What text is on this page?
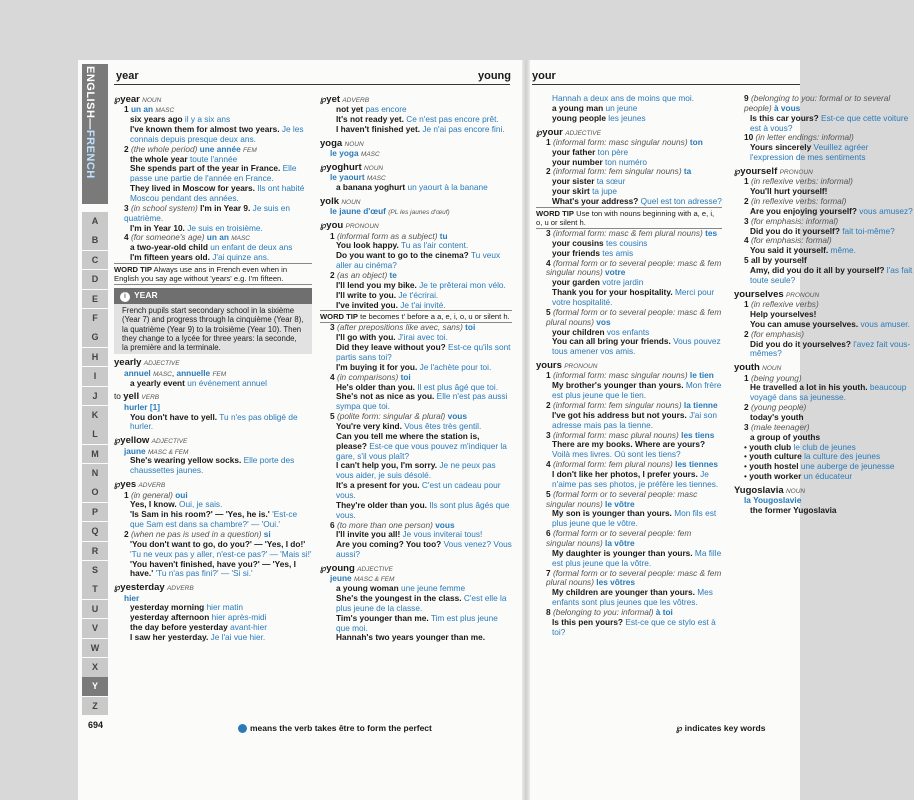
ENGLISH—FRENCH
A
B
C
D
E
F
G
H
I
J
K
L
M
N
O
P
Q
R
S
T
U
V
W
X
Y
Z
year	young your

℘year NOUN

1 un an MASC

six years ago il y a six ans

I've known them for almost two years. Je les connais depuis presque deux ans.

2 (the whole period) une année FEM

the whole year toute l'année

She spends part of the year in France. Elle passe une partie de l'année en France.

They lived in Moscow for years. Ils ont habité Moscou pendant des années.

3 (in school system) I'm in Year 9. Je suis en quatrième.

I'm in Year 10. Je suis en troisième.

4 (for someone's age) un an MASC

a two-year-old child un enfant de deux ans

I'm fifteen years old. J'ai quinze ans.

WORD TIP Always use ans in French even when in English you say age without 'years' e.g. I'm fifteen.

i YEAR
French pupils start secondary school in la sixième (Year 7) and progress through la cinquième (Year 8), la quatrième (Year 9) to la troisième (Year 10). Then they change to a lycée for three years: la seconde, la première and la terminale.

yearly ADJECTIVE

annuel MASC, annuelle FEM

a yearly event un événement annuel

to yell VERB

hurler [1]

You don't have to yell. Tu n'es pas obligé de hurler.

℘yellow ADJECTIVE

jaune MASC & FEM

She's wearing yellow socks. Elle porte des chaussettes jaunes.

℘yes ADVERB

1 (in general) oui

Yes, I know. Oui, je sais.

'Is Sam in his room?' — 'Yes, he is.' 'Est-ce que Sam est dans sa chambre?' — 'Oui.'

2 (when ne pas is used in a question) si

'You don't want to go, do you?' — 'Yes, I do!' 'Tu ne veux pas y aller, n'est-ce pas?' — 'Mais si!'

'You haven't finished, have you?' — 'Yes, I have.' 'Tu n'as pas fini?' — 'Si si.'

℘yesterday ADVERB

hier

yesterday morning hier matin

yesterday afternoon hier après-midi

the day before yesterday avant-hier

I saw her yesterday. Je l'ai vue hier.

℘yet ADVERB

not yet pas encore

It's not ready yet. Ce n'est pas encore prêt.

I haven't finished yet. Je n'ai pas encore fini.

yoga NOUN

le yoga MASC

℘yoghurt NOUN

le yaourt MASC

a banana yoghurt un yaourt à la banane

yolk NOUN

le jaune d'œuf (PL les jaunes d'œuf)

℘you PRONOUN

1 (informal form as a subject) tu

You look happy. Tu as l'air content.

Do you want to go to the cinema? Tu veux aller au cinéma?

2 (as an object) te

I'll lend you my bike. Je te prêterai mon vélo.

I'll write to you. Je t'écrirai.

I've invited you. Je t'ai invité.

WORD TIP te becomes t' before a a, e, i, o, u or silent h.

3 (after prepositions like avec, sans) toi

I'll go with you. J'irai avec toi.

Did they leave without you? Est-ce qu'ils sont partis sans toi?

I'm buying it for you. Je l'achète pour toi.

4 (in comparisons) toi

He's older than you. Il est plus âgé que toi.

She's not as nice as you. Elle n'est pas aussi sympa que toi.

5 (polite form: singular & plural) vous

You're very kind. Vous êtes très gentil.

Can you tell me where the station is, please? Est-ce que vous pouvez m'indiquer la gare, s'il vous plaît?

I can't help you, I'm sorry. Je ne peux pas vous aider, je suis désolé.

It's a present for you. C'est un cadeau pour vous.

They're older than you. Ils sont plus âgés que vous.

6 (to more than one person) vous

I'll invite you all! Je vous inviterai tous!

Are you coming? You too? Vous venez? Vous aussi?

℘young ADJECTIVE

jeune MASC & FEM

a young woman une jeune femme

She's the youngest in the class. C'est elle la plus jeune de la classe.

Tim's younger than me. Tim est plus jeune que moi.

Hannah's two years younger than me.

Hannah a deux ans de moins que moi.

a young man un jeune

young people les jeunes

℘your ADJECTIVE

1 (informal form: masc singular nouns) ton

your father ton père

your number ton numéro

2 (informal form: fem singular nouns) ta

your sister ta sœur

your skirt ta jupe

What's your address? Quel est ton adresse?

WORD TIP Use ton with nouns beginning with a, e, i, o, u or silent h.

3 (informal form: masc & fem plural nouns) tes

your cousins tes cousins

your friends tes amis

4 (formal form or to several people: masc & fem singular nouns) votre

your garden votre jardin

Thank you for your hospitality. Merci pour votre hospitalité.

5 (formal form or to several people: masc & fem plural nouns) vos

your children vos enfants

You can all bring your friends. Vous pouvez tous amener vos amis.

yours PRONOUN

1 (informal form: masc singular nouns) le tien

My brother's younger than yours. Mon frère est plus jeune que le tien.

2 (informal form: fem singular nouns) la tienne

I've got his address but not yours. J'ai son adresse mais pas la tienne.

3 (informal form: masc plural nouns) les tiens

There are my books. Where are yours? Voilà mes livres. Où sont les tiens?

4 (informal form: fem plural nouns) les tiennes

I don't like her photos, I prefer yours. Je n'aime pas ses photos, je préfère les tiennes.

5 (formal form or to several people: masc singular nouns) le vôtre

My son is younger than yours. Mon fils est plus jeune que le vôtre.

6 (formal form or to several people: fem singular nouns) la vôtre

My daughter is younger than yours. Ma fille est plus jeune que la vôtre.

7 (formal form or to several people: masc & fem plural nouns) les vôtres

My children are younger than yours. Mes enfants sont plus jeunes que les vôtres.

8 (belonging to you: informal) à toi

Is this pen yours? Est-ce que ce stylo est à toi?

9 (belonging to you: formal or to several people) à vous

Is this car yours? Est-ce que cette voiture est à vous?

10 (in letter endings: informal)

Yours sincerely Veuillez agréer l'expression de mes sentiments

℘yourself PRONOUN

1 (in reflexive verbs: informal)

You'll hurt yourself!

2 (in reflexive verbs: formal)

Are you enjoying yourself? vous amusez?

3 (for emphasis: informal)

Did you do it yourself? fait toi-même?

4 (for emphasis: formal)

You said it yourself. même.

5 all by yourself

Amy, did you do it all by yourself? l'as fait toute seule?

yourselves PRONOUN

1 (in reflexive verbs)

Help yourselves!

You can amuse yourselves. vous amuser.

2 (for emphasis)

Did you do it yourselves? l'avez fait vous-mêmes?

youth NOUN

1 (being young)

He travelled a lot in his youth. beaucoup voyagé dans sa jeunesse.

2 (young people)

today's youth

3 (male teenager)

a group of youths

• youth club le club de jeunes

• youth culture la culture des jeunes

• youth hostel une auberge de jeunesse

• youth worker un éducateur

Yugoslavia NOUN

la Yougoslavie

the former Yugoslavia

694	means the verb takes être to form the perfect	℘ indicates key words
